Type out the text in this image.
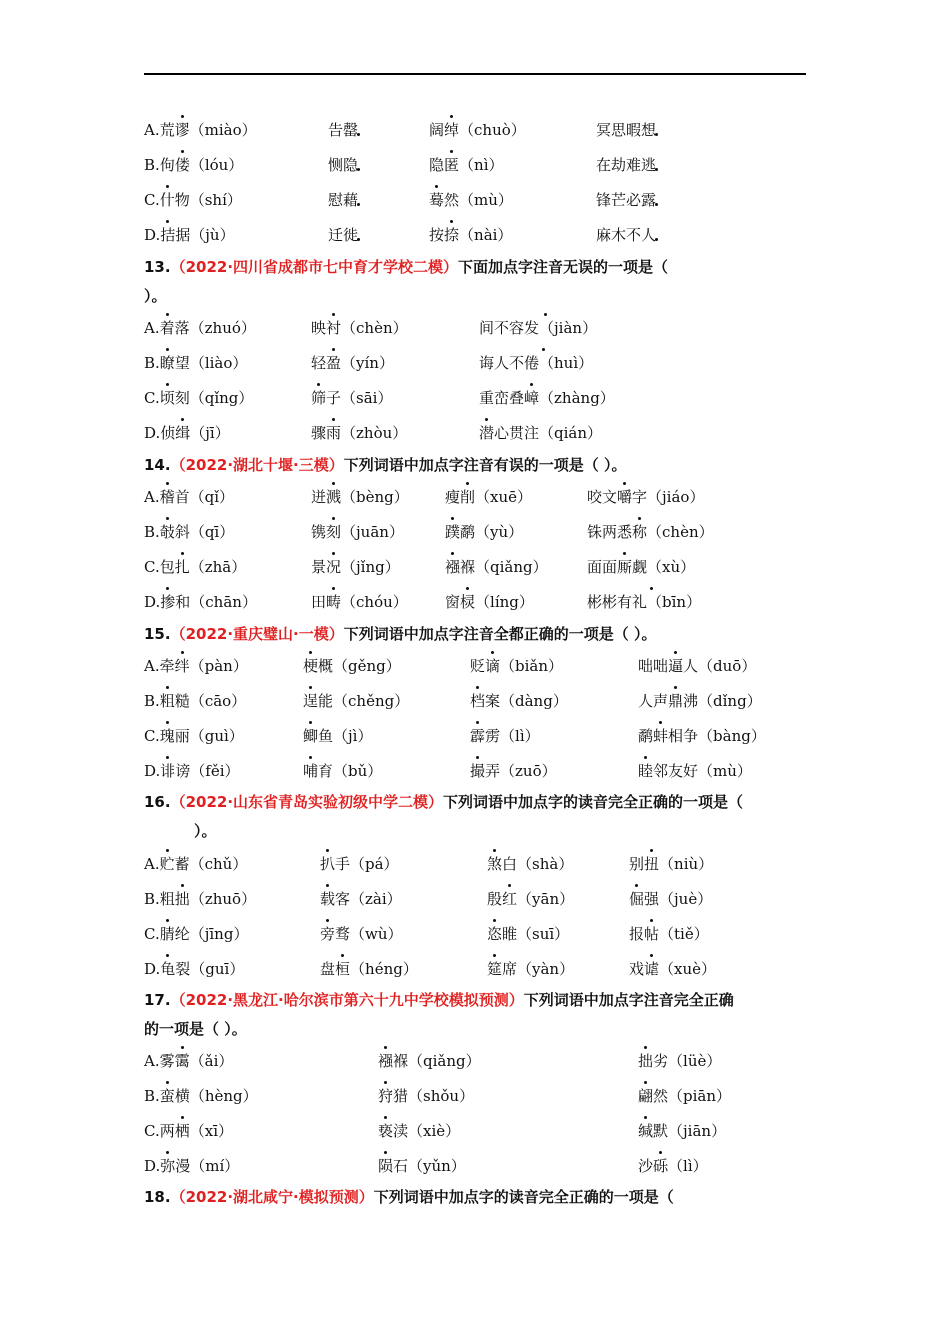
A.荒谬（miào）	告罄	阔绰（chuò）	冥思暇想
B.佝偻（lóu）	恻隐	隐匿（nì）	在劫难逃
C.什物（shí）	慰藉	蓦然（mù）	锋芒必露
D.拮据（jù）	迁徙	按捺（nài）	麻木不人
13.（2022·四川省成都市七中育才学校二模）下面加点字注音无误的一项是（
）。
A.着落（zhuó）	映衬（chèn）	间不容发（jiàn）
B.瞭望（liào）	轻盈（yín）	诲人不倦（huì）
C.顷刻（qǐng）	筛子（sāi）	重峦叠嶂（zhàng）
D.侦缉（jī）	骤雨（zhòu）	潜心贯注（qián）
14.（2022·湖北十堰·三模）下列词语中加点字注音有误的一项是（ ）。
A.稽首（qǐ）	迸溅（bèng） 瘦削（xuē）	咬文嚼字（jiáo）
B.攲斜（qī）	镌刻（juān）	蹼鹬（yù）	铢两悉称（chèn）
C.包扎（zhā）	景况（jǐng）	襁褓（qiǎng）	面面厮觑（xù）
D.掺和（chān）	田畴（chóu） 窗棂（líng）	彬彬有礼（bīn）
15.（2022·重庆璧山·一模）下列词语中加点字注音全都正确的一项是（ ）。
A.牵绊（pàn）	梗概（gěng）	贬谪（biǎn）	咄咄逼人（duō）
B.粗糙（cāo）	逞能（chěng）	档案（dàng）	人声鼎沸（dǐng）
C.瑰丽（guì）	鲫鱼（jì）	霹雳（lì）	鹬蚌相争（bàng）
D.诽谤（fěi）	哺育（bǔ）	撮弄（zuō）	睦邻友好（mù）
16.（2022·山东省青岛实验初级中学二模）下列词语中加点字的读音完全正确的一项是（
）。
A.贮蓄（chǔ）	扒手（pá）	煞白（shà）	别扭（niù）
B.粗拙（zhuō）	载客（zài）	殷红（yān）	倔强（juè）
C.腈纶（jīng）	旁骛（wù）	恣睢（suī）	报帖（tiě）
D.龟裂（guī）	盘桓（héng）	筵席（yàn）	戏谑（xuè）
17.（2022·黑龙江·哈尔滨市第六十九中学校模拟预测）下列词语中加点字注音完全正确
的一项是（ ）。
A.雾霭（ǎi）	襁褓（qiǎng）	拙劣（lüè）
B.蛮横（hèng）	狩猎（shǒu）	翩然（piān）
C.两栖（xī）	亵渎（xiè）	缄默（jiān）
D.弥漫（mí）	陨石（yǔn）	沙砾（lì）
18.（2022·湖北咸宁·模拟预测）下列词语中加点字的读音完全正确的一项是（
